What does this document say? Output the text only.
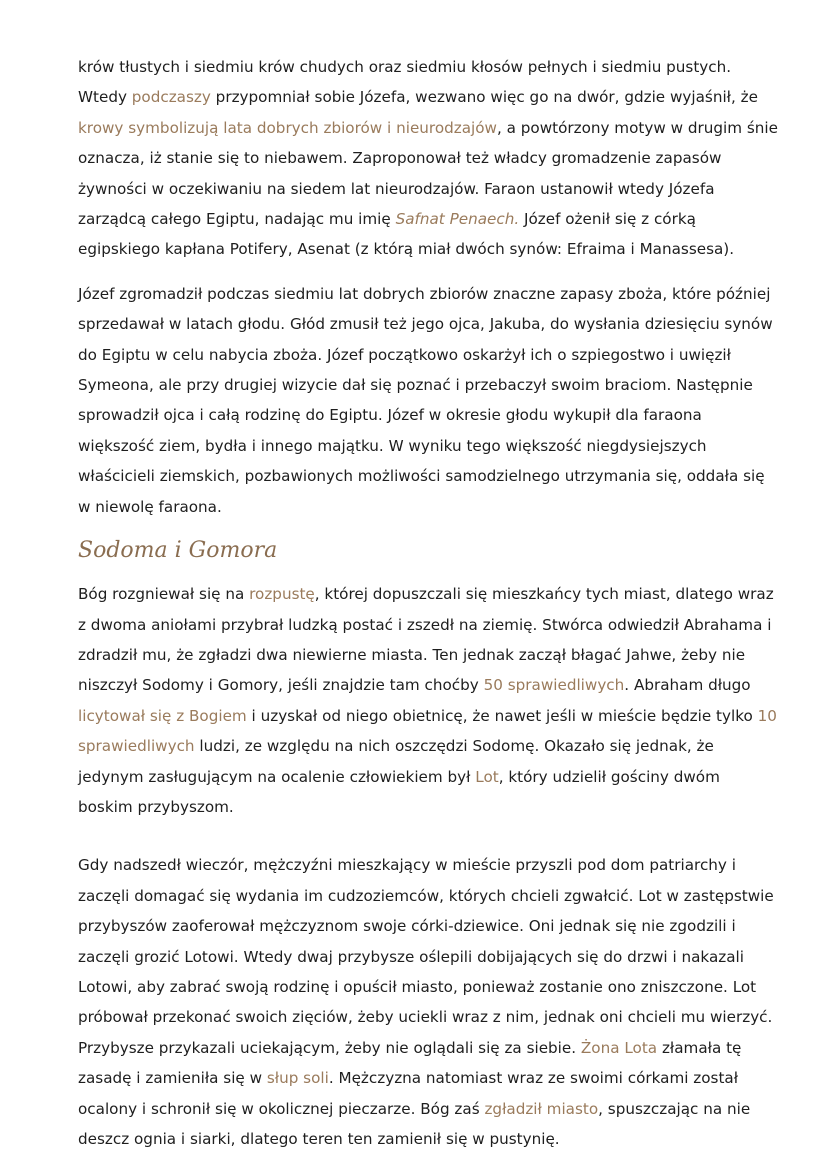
krów tłustych i siedmiu krów chudych oraz siedmiu kłosów pełnych i siedmiu pustych. Wtedy podczaszy przypomniał sobie Józefa, wezwano więc go na dwór, gdzie wyjaśnił, że krowy symbolizują lata dobrych zbiorów i nieurodzajów, a powtórzony motyw w drugim śnie oznacza, iż stanie się to niebawem. Zaproponował też władcy gromadzenie zapasów żywności w oczekiwaniu na siedem lat nieurodzajów. Faraon ustanowił wtedy Józefa zarządcą całego Egiptu, nadając mu imię Safnat Penaech. Józef ożenił się z córką egipskiego kapłana Potifery, Asenat (z którą miał dwóch synów: Efraima i Manassesa).

Józef zgromadził podczas siedmiu lat dobrych zbiorów znaczne zapasy zboża, które później sprzedawał w latach głodu. Głód zmusił też jego ojca, Jakuba, do wysłania dziesięciu synów do Egiptu w celu nabycia zboża. Józef początkowo oskarżył ich o szpiegostwo i uwięził Symeona, ale przy drugiej wizycie dał się poznać i przebaczył swoim braciom. Następnie sprowadził ojca i całą rodzinę do Egiptu. Józef w okresie głodu wykupił dla faraona większość ziem, bydła i innego majątku. W wyniku tego większość niegdysiejszych właścicieli ziemskich, pozbawionych możliwości samodzielnego utrzymania się, oddała się w niewolę faraona.

Sodoma i Gomora

Bóg rozgniewał się na rozpustę, której dopuszczali się mieszkańcy tych miast, dlatego wraz z dwoma aniołami przybrał ludzką postać i zszedł na ziemię. Stwórca odwiedził Abrahama i zdradził mu, że zgładzi dwa niewierne miasta. Ten jednak zaczął błagać Jahwe, żeby nie niszczył Sodomy i Gomory, jeśli znajdzie tam choćby 50 sprawiedliwych. Abraham długo licytował się z Bogiem i uzyskał od niego obietnicę, że nawet jeśli w mieście będzie tylko 10 sprawiedliwych ludzi, ze względu na nich oszczędzi Sodomę. Okazało się jednak, że jedynym zasługującym na ocalenie człowiekiem był Lot, który udzielił gościny dwóm boskim przybyszom.

Gdy nadszedł wieczór, mężczyźni mieszkający w mieście przyszli pod dom patriarchy i zaczęli domagać się wydania im cudzoziemców, których chcieli zgwałcić. Lot w zastępstwie przybyszów zaoferował mężczyznom swoje córki-dziewice. Oni jednak się nie zgodzili i zaczęli grozić Lotowi. Wtedy dwaj przybysze oślepili dobijających się do drzwi i nakazali Lotowi, aby zabrać swoją rodzinę i opuścił miasto, ponieważ zostanie ono zniszczone. Lot próbował przekonać swoich zięciów, żeby uciekli wraz z nim, jednak oni chcieli mu wierzyć. Przybysze przykazali uciekającym, żeby nie oglądali się za siebie. Żona Lota złamała tę zasadę i zamieniła się w słup soli. Mężczyzna natomiast wraz ze swoimi córkami został ocalony i schronił się w okolicznej pieczarze. Bóg zaś zgładził miasto, spuszczając na nie deszcz ognia i siarki, dlatego teren ten zamienił się w pustynię.
